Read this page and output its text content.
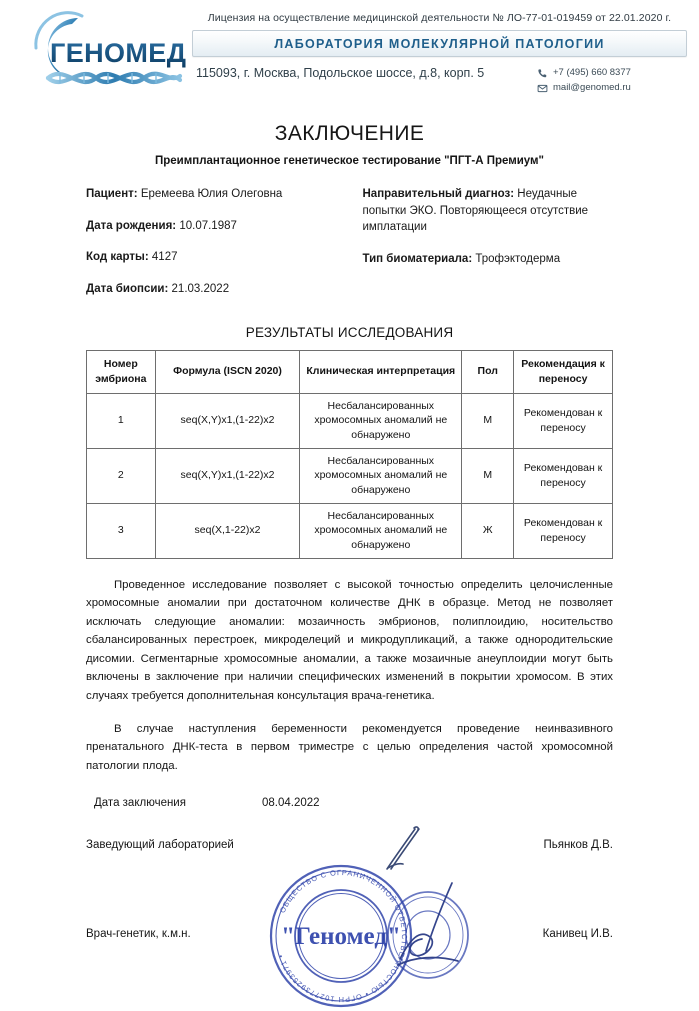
ГЕНОМЕД
Лицензия на осуществление медицинской деятельности № ЛО-77-01-019459 от 22.01.2020 г.
ЛАБОРАТОРИЯ МОЛЕКУЛЯРНОЙ ПАТОЛОГИИ
115093, г. Москва, Подольское шоссе, д.8, корп. 5	+7 (495) 660 8377
mail@genomed.ru
ЗАКЛЮЧЕНИЕ
Преимплантационное генетическое тестирование "ПГТ-А Премиум"
Пациент: Еремеева Юлия Олеговна
Дата рождения: 10.07.1987
Код карты: 4127
Дата биопсии: 21.03.2022
Направительный диагноз: Неудачные попытки ЭКО. Повторяющееся отсутствие имплатации
Тип биоматериала: Трофэктодерма
РЕЗУЛЬТАТЫ ИССЛЕДОВАНИЯ
Номер эмбриона	Формула (ISCN 2020)	Клиническая интерпретация	Пол	Рекомендация к переносу
1	seq(X,Y)x1,(1-22)x2	Несбалансированных хромосомных аномалий не обнаружено	М	Рекомендован к переносу
2	seq(X,Y)x1,(1-22)x2	Несбалансированных хромосомных аномалий не обнаружено	М	Рекомендован к переносу
3	seq(X,1-22)x2	Несбалансированных хромосомных аномалий не обнаружено	Ж	Рекомендован к переносу
Проведенное исследование позволяет с высокой точностью определить целочисленные хромосомные аномалии при достаточном количестве ДНК в образце. Метод не позволяет исключать следующие аномалии: мозаичность эмбрионов, полиплоидию, носительство сбалансированных перестроек, микроделеций и микродупликаций, а также однородительские дисомии. Сегментарные хромосомные аномалии, а также мозаичные анеуплоидии могут быть включены в заключение при наличии специфических изменений в покрытии хромосом. В этих случаях требуется дополнительная консультация врача-генетика.
В случае наступления беременности рекомендуется проведение неинвазивного пренатального ДНК-теста в первом триместре с целью определения частой хромосомной патологии плода.
Дата заключения	08.04.2022
ОБЩЕСТВО С ОГРАНИЧЕННОЙ ОТВЕТСТВЕННОСТЬЮ • ОГРН 1027739253971 •
"Геномед"
Заведующий лабораторией	Пьянков Д.В.
Врач-генетик, к.м.н.	Канивец И.В.
